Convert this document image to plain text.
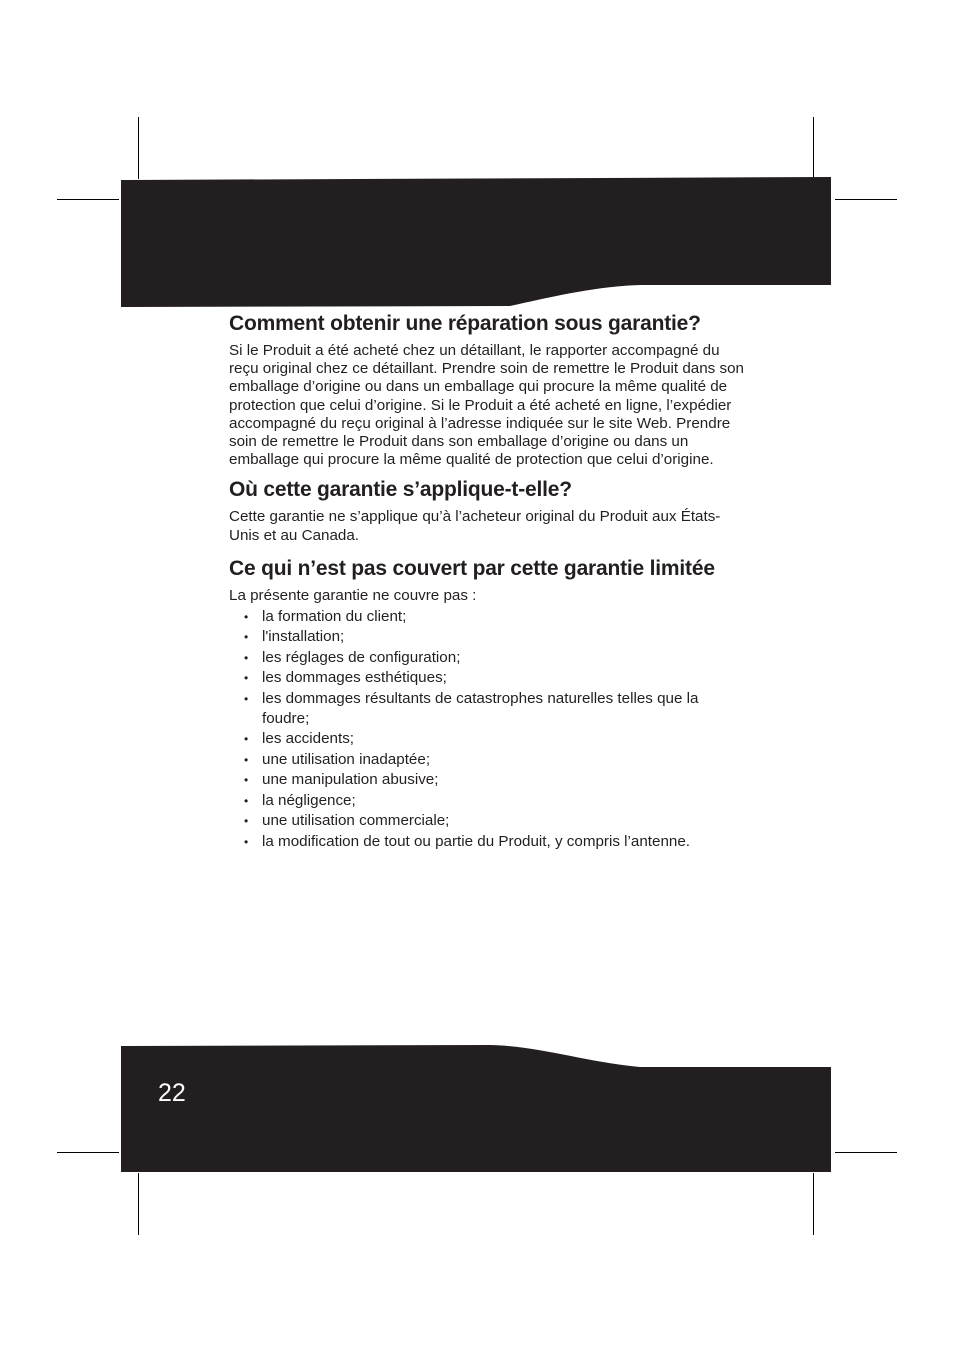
Comment obtenir une réparation sous garantie?

Si le Produit a été acheté chez un détaillant, le rapporter accompagné du reçu original chez ce détaillant. Prendre soin de remettre le Produit dans son emballage d’origine ou dans un emballage qui procure la même qualité de protection que celui d’origine. Si le Produit a été acheté en ligne, l’expédier accompagné du reçu original à l’adresse indiquée sur le site Web. Prendre soin de remettre le Produit dans son emballage d’origine ou dans un emballage qui procure la même qualité de protection que celui d’origine.

Où cette garantie s’applique-t-elle?

Cette garantie ne s’applique qu’à l’acheteur original du Produit aux États-Unis et au Canada.

Ce qui n’est pas couvert par cette garantie limitée

La présente garantie ne couvre pas :

• la formation du client;
• l'installation;
• les réglages de configuration;
• les dommages esthétiques;
• les dommages résultants de catastrophes naturelles telles que la foudre;
• les accidents;
• une utilisation inadaptée;
• une manipulation abusive;
• la négligence;
• une utilisation commerciale;
• la modification de tout ou partie du Produit, y compris l’antenne.
22
